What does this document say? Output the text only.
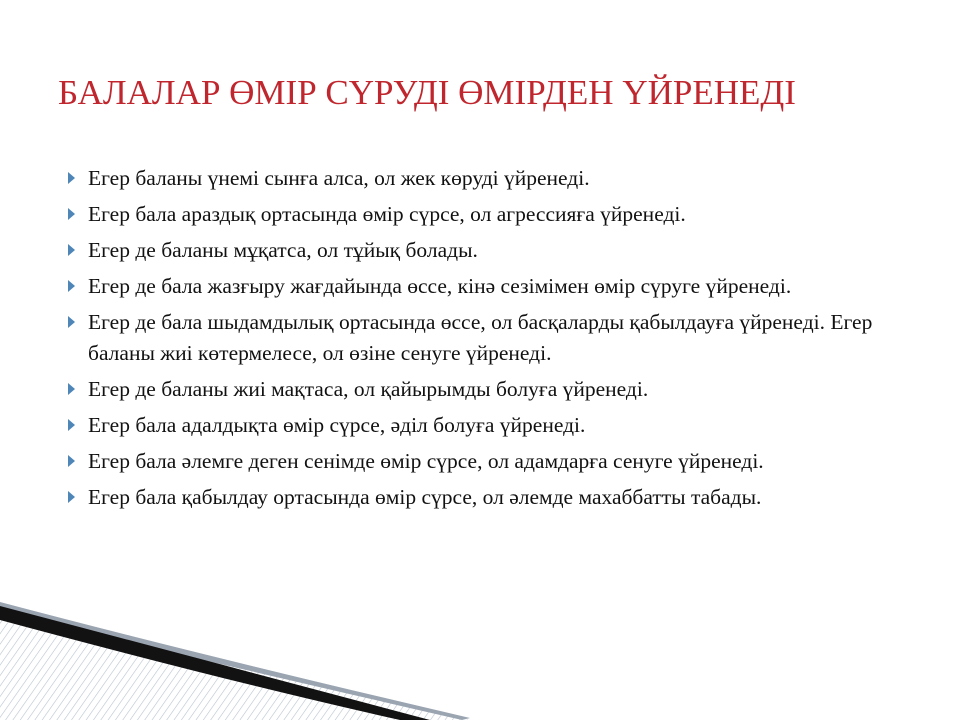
БАЛАЛАР ӨМІР СҮРУДІ ӨМІРДЕН ҮЙРЕНЕДІ
Егер баланы үнемі сынға алса, ол жек көруді үйренеді.
Егер бала араздық ортасында өмір сүрсе, ол агрессияға үйренеді.
Егер де баланы мұқатса, ол тұйық болады.
Егер де бала жазғыру жағдайында өссе, кінә сезімімен өмір сүруге үйренеді.
Егер де бала шыдамдылық ортасында өссе, ол басқаларды қабылдауға үйренеді. Егер баланы жиі көтермелесе, ол өзіне сенуге үйренеді.
Егер де баланы жиі мақтаса, ол қайырымды болуға үйренеді.
Егер бала адалдықта өмір сүрсе, әділ болуға үйренеді.
Егер бала әлемге деген сенімде өмір сүрсе, ол адамдарға сенуге үйренеді.
Егер бала қабылдау ортасында өмір сүрсе, ол әлемде махаббатты табады.
